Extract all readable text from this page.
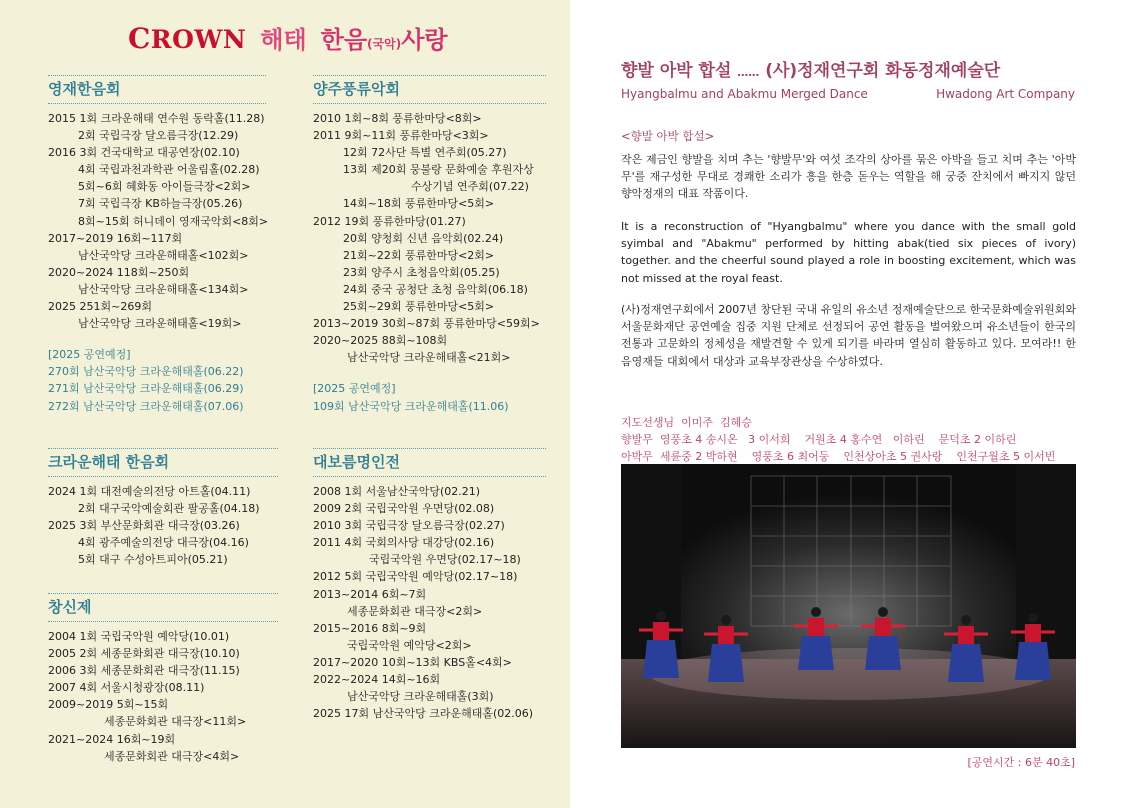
CROWN 해태 한음(국악)사랑
영재한음회
2015 1회 크라운해태 연수원 동락홀(11.28)
2회 국립극장 달오름극장(12.29)
2016 3회 건국대학교 대공연장(02.10)
4회 국립과천과학관 어울림홀(02.28)
5회~6회 혜화동 아이들극장<2회>
7회 국립극장 KB하늘극장(05.26)
8회~15회 허니데이 영재국악회<8회>
2017~2019 16회~117회
남산국악당 크라운해태홀<102회>
2020~2024 118회~250회
남산국악당 크라운해태홀<134회>
2025 251회~269회
남산국악당 크라운해태홀<19회>
[2025 공연예정]
270회 남산국악당 크라운해태홀(06.22)
271회 남산국악당 크라운해태홀(06.29)
272회 남산국악당 크라운해태홀(07.06)
크라운해태 한음회
2024 1회 대전예술의전당 아트홀(04.11)
2회 대구국악예술회관 팔공홀(04.18)
2025 3회 부산문화회관 대극장(03.26)
4회 광주예술의전당 대극장(04.16)
5회 대구 수성아트피아(05.21)
창신제
2004 1회 국립국악원 예악당(10.01)
2005 2회 세종문화회관 대극장(10.10)
2006 3회 세종문화회관 대극장(11.15)
2007 4회 서울시청광장(08.11)
2009~2019 5회~15회
세종문화회관 대극장<11회>
2021~2024 16회~19회
세종문화회관 대극장<4회>
양주풍류악회
2010 1회~8회 풍류한마당<8회>
2011 9회~11회 풍류한마당<3회>
12회 72사단 특별 연주회(05.27)
13회 제20회 뭉불랑 문화예술 후원자상
수상기념 연주회(07.22)
14회~18회 풍류한마당<5회>
2012 19회 풍류한마당(01.27)
20회 양청회 신년 음악회(02.24)
21회~22회 풍류한마당<2회>
23회 양주시 초청음악회(05.25)
24회 중국 공청단 초청 음악회(06.18)
25회~29회 풍류한마당<5회>
2013~2019 30회~87회 풍류한마당<59회>
2020~2025 88회~108회
남산국악당 크라운해태홀<21회>
[2025 공연예정]
109회 남산국악당 크라운해태홀(11.06)
대보름명인전
2008 1회 서울남산국악당(02.21)
2009 2회 국립국악원 우면당(02.08)
2010 3회 국립극장 달오름극장(02.27)
2011 4회 국회의사당 대강당(02.16)
국립국악원 우면당(02.17~18)
2012 5회 국립국악원 예악당(02.17~18)
2013~2014 6회~7회
세종문화회관 대극장<2회>
2015~2016 8회~9회
국립국악원 예악당<2회>
2017~2020 10회~13회 KBS홀<4회>
2022~2024 14회~16회
남산국악당 크라운해태홀(3회)
2025 17회 남산국악당 크라운해태홀(02.06)
향발 아박 합설 …… (사)정재연구회 화동정재예술단
Hyangbalmu and Abakmu Merged Dance	Hwadong Art Company
<향발 아박 합설>
작은 제금인 향발을 치며 추는 '향발무'와 여섯 조각의 상아를 묶은 아박을 들고 치며 추는 '아박무'를 재구성한 무대로 경쾌한 소리가 흥을 한층 돋우는 역할을 해 궁중 잔치에서 빠지지 않던 향악정재의 대표 작품이다.
It is a reconstruction of "Hyangbalmu" where you dance with the small gold syimbal and "Abakmu" performed by hitting abak(tied six pieces of ivory) together. and the cheerful sound played a role in boosting excitement, which was not missed at the royal feast.
(사)정재연구회에서 2007년 창단된 국내 유일의 유소년 정재예술단으로 한국문화예술위원회와 서울문화재단 공연예술 집중 지원 단체로 선정되어 공연 활동을 벌여왔으며 유소년들이 한국의 전통과 고문화의 정체성을 재발견할 수 있게 되기를 바라며 열심히 활동하고 있다. 모여라!! 한음영재들 대회에서 대상과 교육부장관상을 수상하였다.
지도선생님  이미주  김혜승
향발무  영풍초 4 송시온   3 이서희    거원초 4 홍수연   이하린    문덕초 2 이하린
아박무  세륜중 2 박하현    영풍초 6 최어둥    인천상아초 5 권사랑    인천구월초 5 이서빈
[공연시간 : 6분 40초]
